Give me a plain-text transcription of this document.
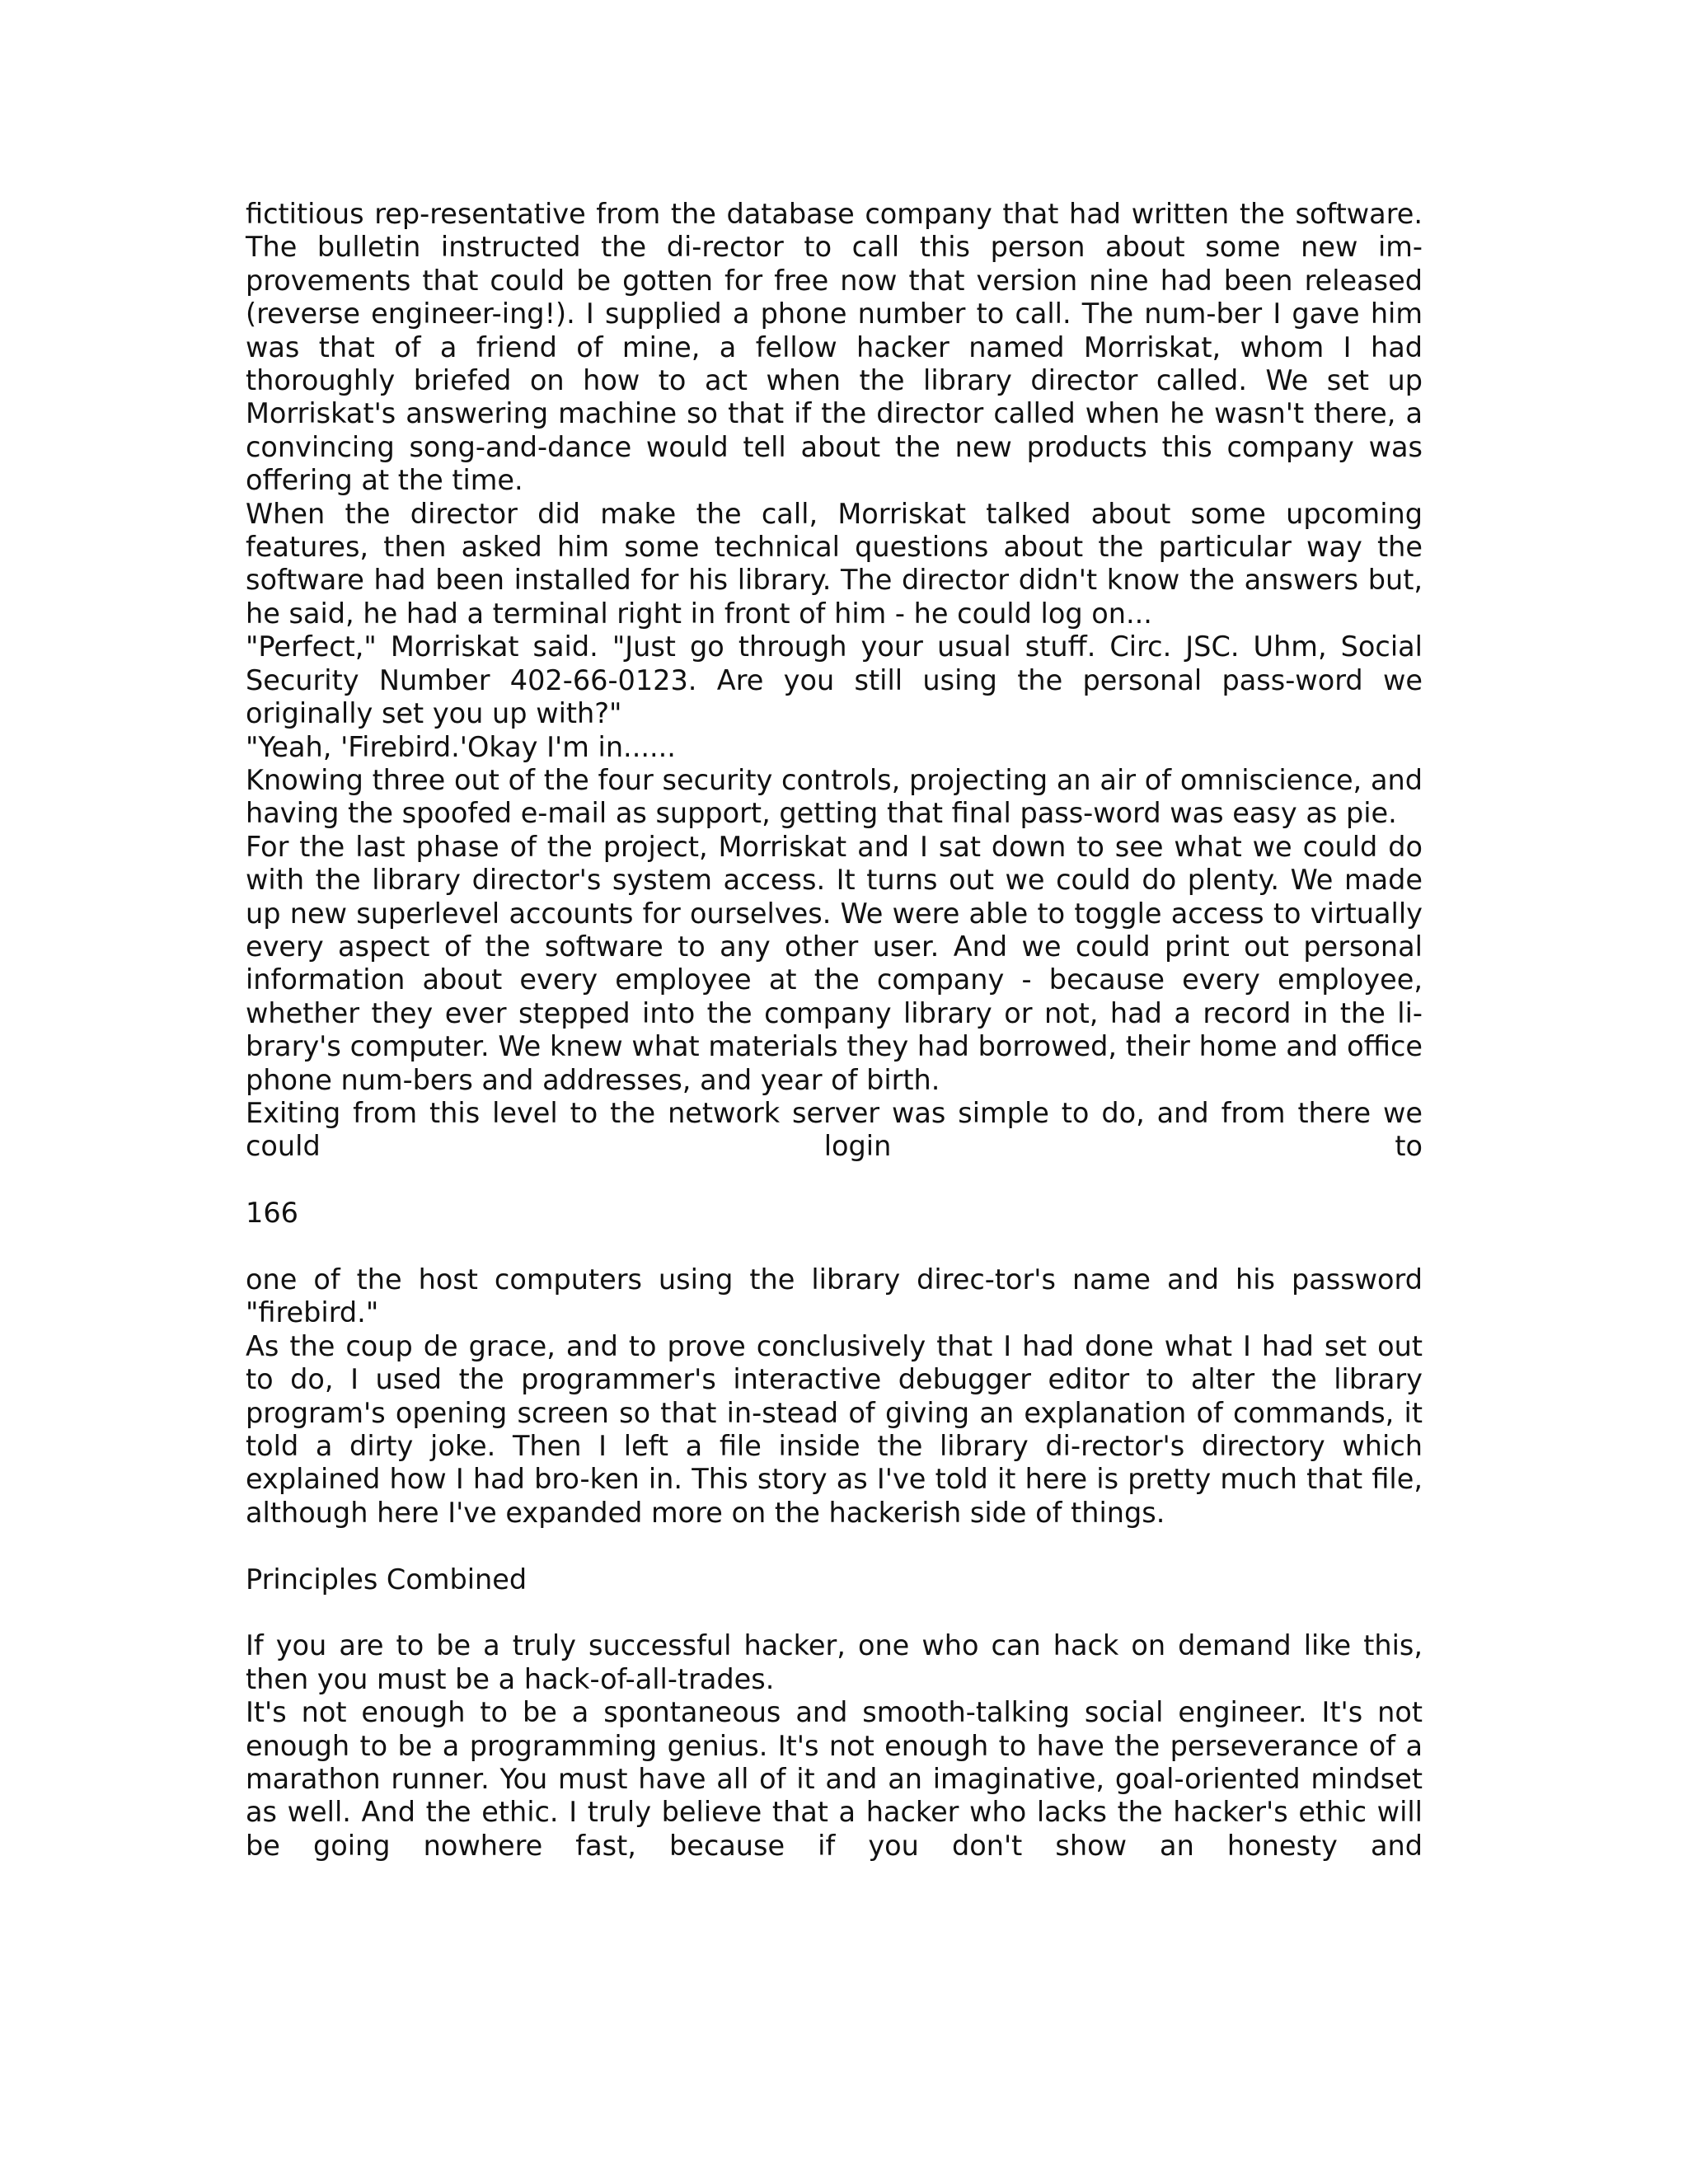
fictitious rep-resentative from the database company that had written the software. The bulletin instructed the di-rector to call this person about some new im-provements that could be gotten for free now that version nine had been released (reverse engineer-ing!). I supplied a phone number to call. The num-ber I gave him was that of a friend of mine, a fellow hacker named Morriskat, whom I had thoroughly briefed on how to act when the library director called. We set up Morriskat's answering machine so that if the director called when he wasn't there, a convincing song-and-dance would tell about the new products this company was offering at the time.

When the director did make the call, Morriskat talked about some upcoming features, then asked him some technical questions about the particular way the software had been installed for his library. The director didn't know the answers but, he said, he had a terminal right in front of him - he could log on...

"Perfect," Morriskat said. "Just go through your usual stuff. Circ. JSC. Uhm, Social Security Number 402-66-0123. Are you still using the personal pass-word we originally set you up with?"

"Yeah, 'Firebird.'Okay I'm in......

Knowing three out of the four security controls, projecting an air of omniscience, and having the spoofed e-mail as support, getting that final pass-word was easy as pie.

For the last phase of the project, Morriskat and I sat down to see what we could do with the library director's system access. It turns out we could do plenty. We made up new superlevel accounts for ourselves. We were able to toggle access to virtually every aspect of the software to any other user. And we could print out personal information about every employee at the company - because every employee, whether they ever stepped into the company library or not, had a record in the li-brary's computer. We knew what materials they had borrowed, their home and office phone num-bers and addresses, and year of birth.

Exiting from this level to the network server was simple to do, and from there we could login to

166

one of the host computers using the library direc-tor's name and his password "firebird."

As the coup de grace, and to prove conclusively that I had done what I had set out to do, I used the programmer's interactive debugger editor to alter the library program's opening screen so that in-stead of giving an explanation of commands, it told a dirty joke. Then I left a file inside the library di-rector's directory which explained how I had bro-ken in. This story as I've told it here is pretty much that file, although here I've expanded more on the hackerish side of things.

Principles Combined

If you are to be a truly successful hacker, one who can hack on demand like this, then you must be a hack-of-all-trades.

It's not enough to be a spontaneous and smooth-talking social engineer. It's not enough to be a programming genius. It's not enough to have the perseverance of a marathon runner. You must have all of it and an imaginative, goal-oriented mindset as well. And the ethic. I truly believe that a hacker who lacks the hacker's ethic will be going nowhere fast, because if you don't show an honesty and
